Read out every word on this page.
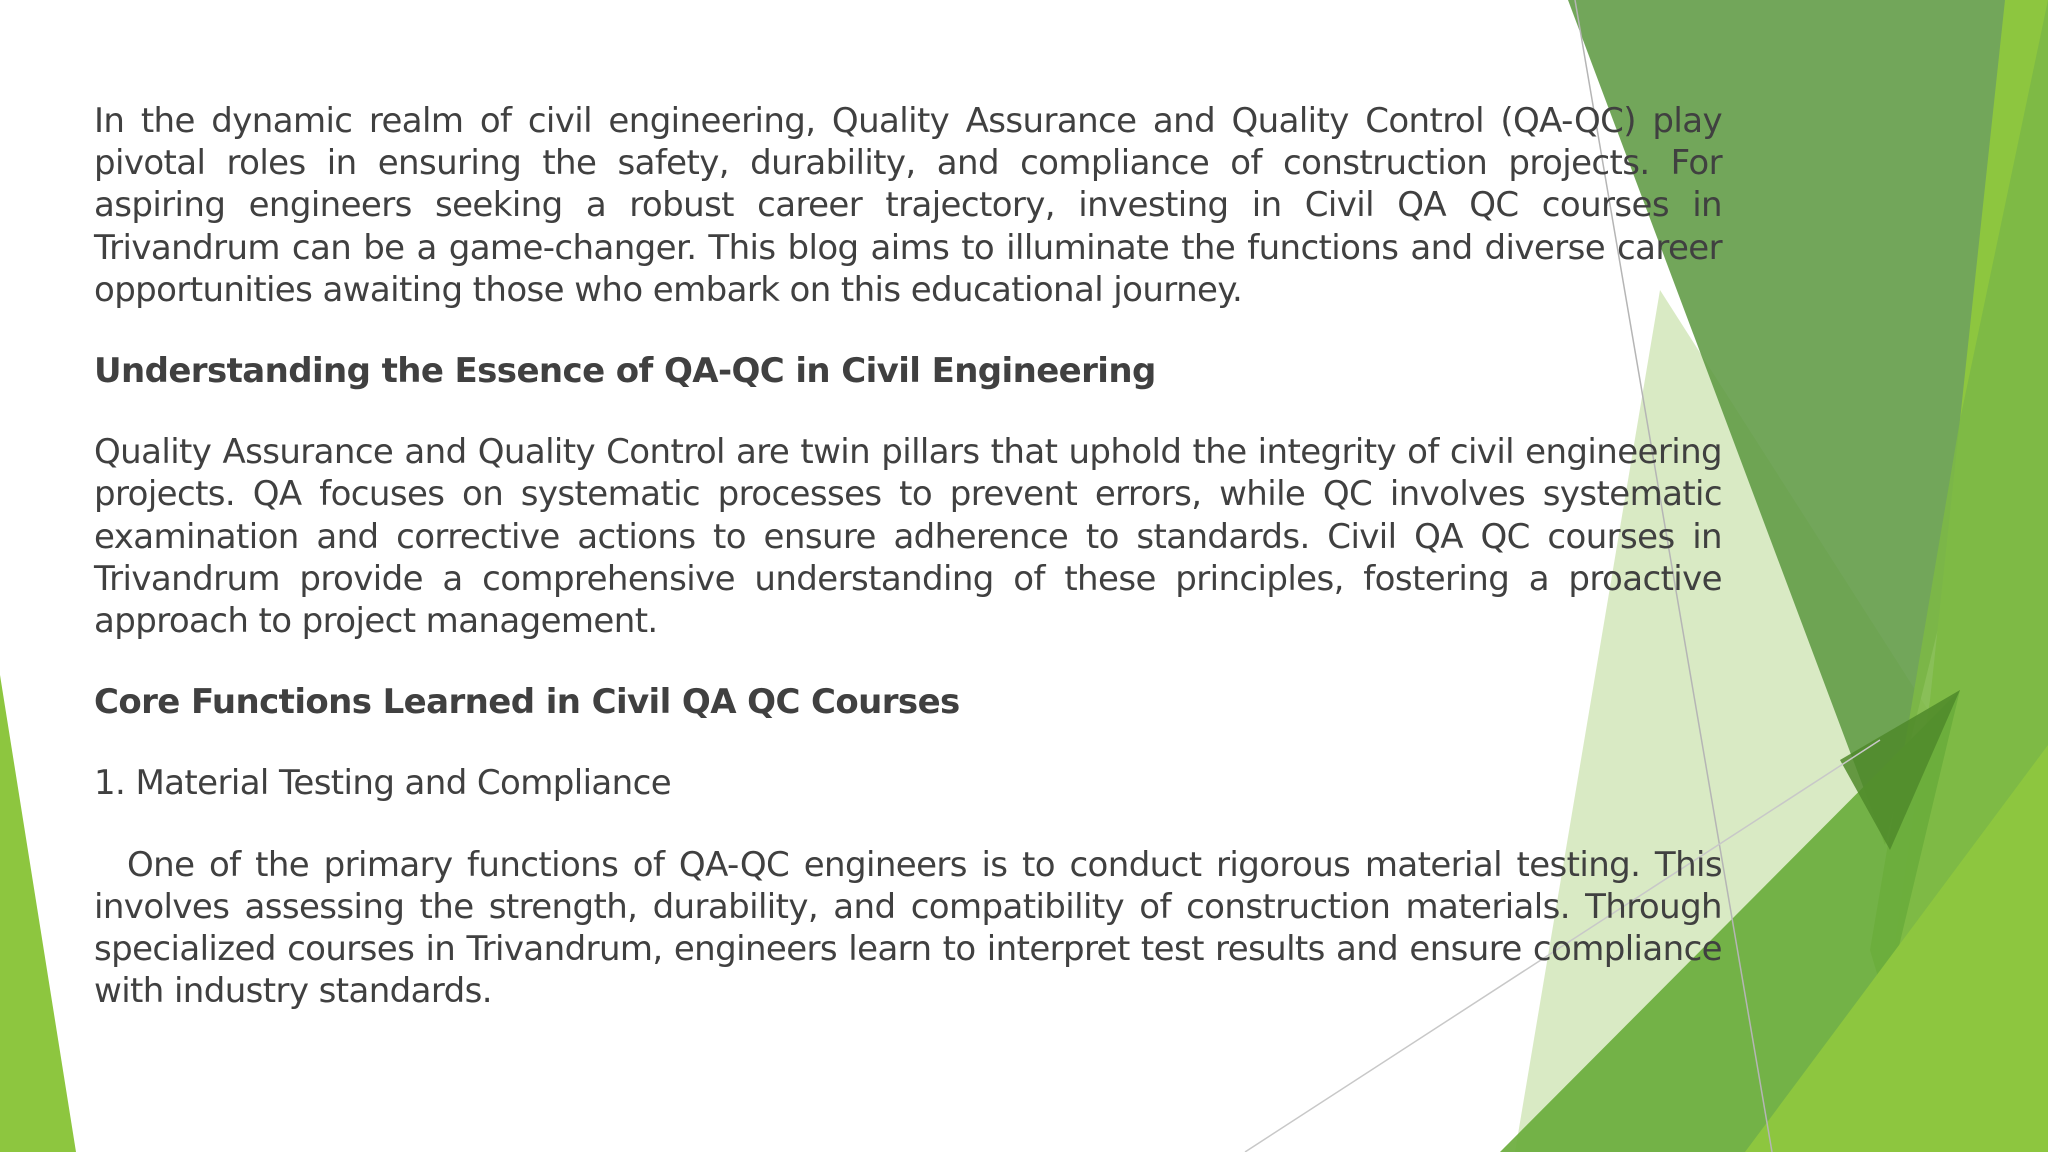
In the dynamic realm of civil engineering, Quality Assurance and Quality Control (QA-QC) play pivotal roles in ensuring the safety, durability, and compliance of construction projects. For aspiring engineers seeking a robust career trajectory, investing in Civil QA QC courses in Trivandrum can be a game-changer. This blog aims to illuminate the functions and diverse career opportunities awaiting those who embark on this educational journey.

Understanding the Essence of QA-QC in Civil Engineering

Quality Assurance and Quality Control are twin pillars that uphold the integrity of civil engineering projects. QA focuses on systematic processes to prevent errors, while QC involves systematic examination and corrective actions to ensure adherence to standards. Civil QA QC courses in Trivandrum provide a comprehensive understanding of these principles, fostering a proactive approach to project management.

Core Functions Learned in Civil QA QC Courses

1. Material Testing and Compliance

One of the primary functions of QA-QC engineers is to conduct rigorous material testing. This involves assessing the strength, durability, and compatibility of construction materials. Through specialized courses in Trivandrum, engineers learn to interpret test results and ensure compliance with industry standards.
